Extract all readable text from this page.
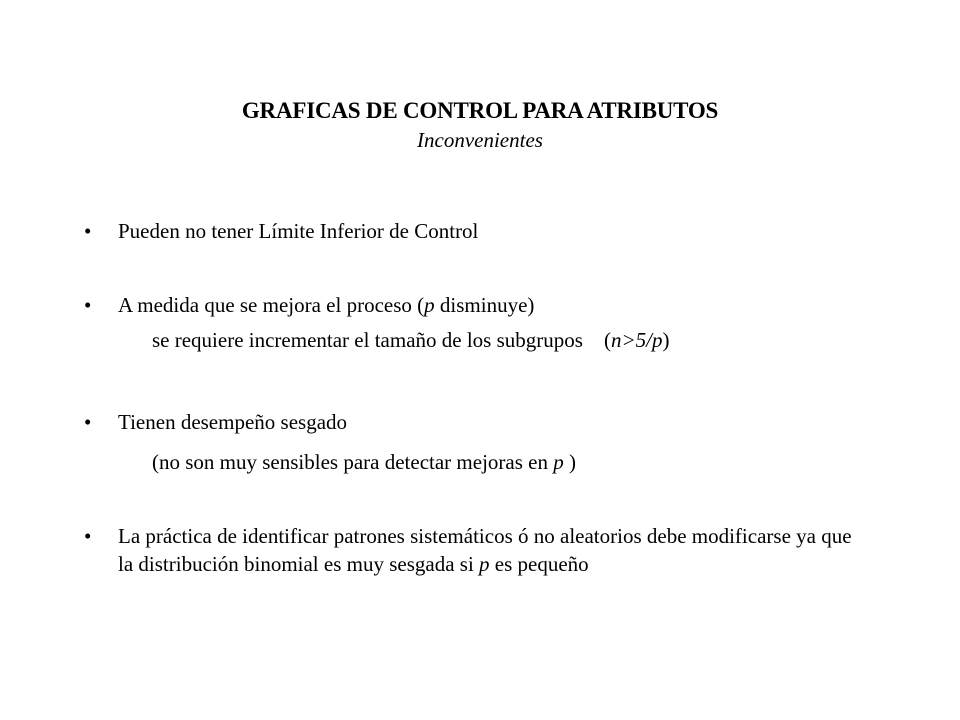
GRAFICAS DE CONTROL PARA ATRIBUTOS
Inconvenientes
•	Pueden no tener Límite Inferior de Control
•	A medida que se mejora el proceso (p disminuye)
se requiere incrementar el tamaño de los subgrupos (n>5/p)
•	Tienen desempeño sesgado
(no son muy sensibles para detectar mejoras en p )
•	La práctica de identificar patrones sistemáticos ó no aleatorios debe modificarse ya que la distribución binomial es muy sesgada si p es pequeño
